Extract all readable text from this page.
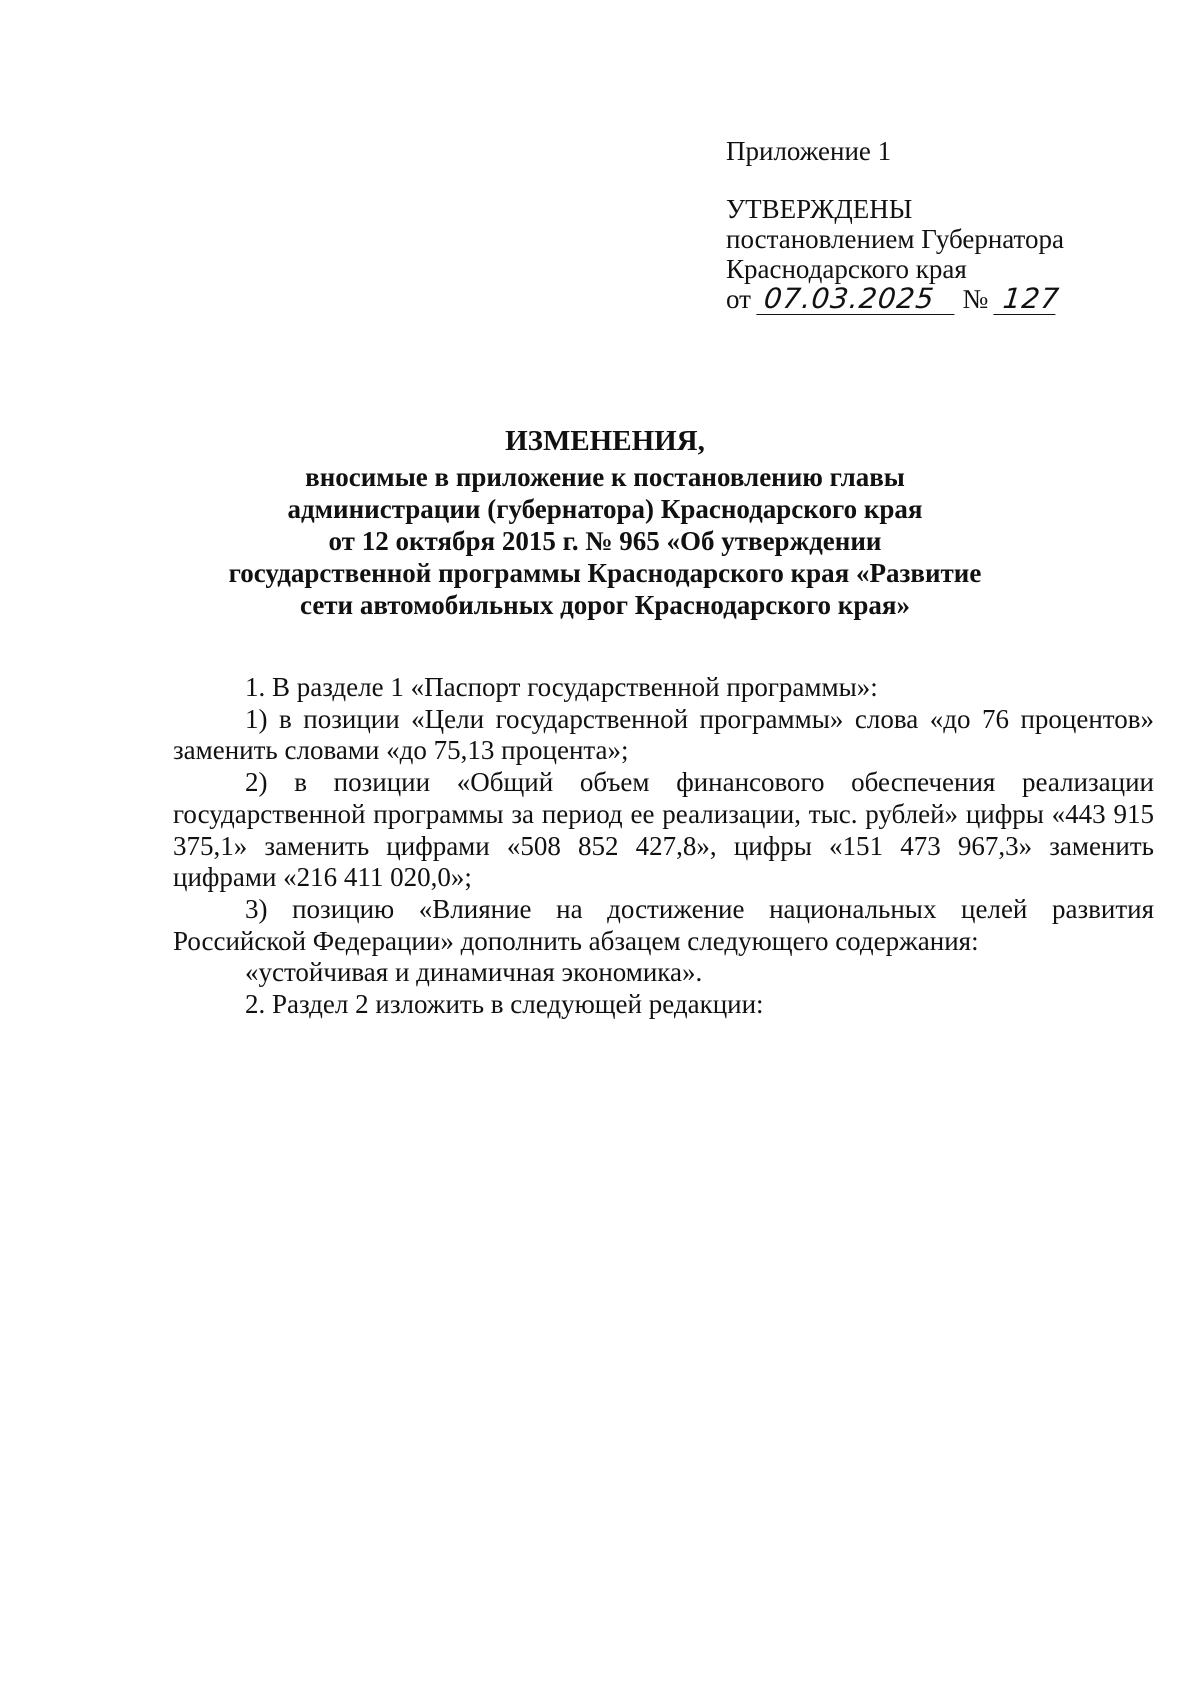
Приложение 1

УТВЕРЖДЕНЫ

постановлением Губернатора

Краснодарского края

от 07.03.2025 № 127

ИЗМЕНЕНИЯ,

вносимые в приложение к постановлению главы

администрации (губернатора) Краснодарского края

от 12 октября 2015 г. № 965 «Об утверждении

государственной программы Краснодарского края «Развитие

сети автомобильных дорог Краснодарского края»

1. В разделе 1 «Паспорт государственной программы»:

1) в позиции «Цели государственной программы» слова «до 76 процентов» заменить словами «до 75,13 процента»;

2) в позиции «Общий объем финансового обеспечения реализации государственной программы за период ее реализации, тыс. рублей» цифры «443 915 375,1» заменить цифрами «508 852 427,8», цифры «151 473 967,3» заменить цифрами «216 411 020,0»;

3) позицию «Влияние на достижение национальных целей развития Российской Федерации» дополнить абзацем следующего содержания:

«устойчивая и динамичная экономика».

2. Раздел 2 изложить в следующей редакции:
